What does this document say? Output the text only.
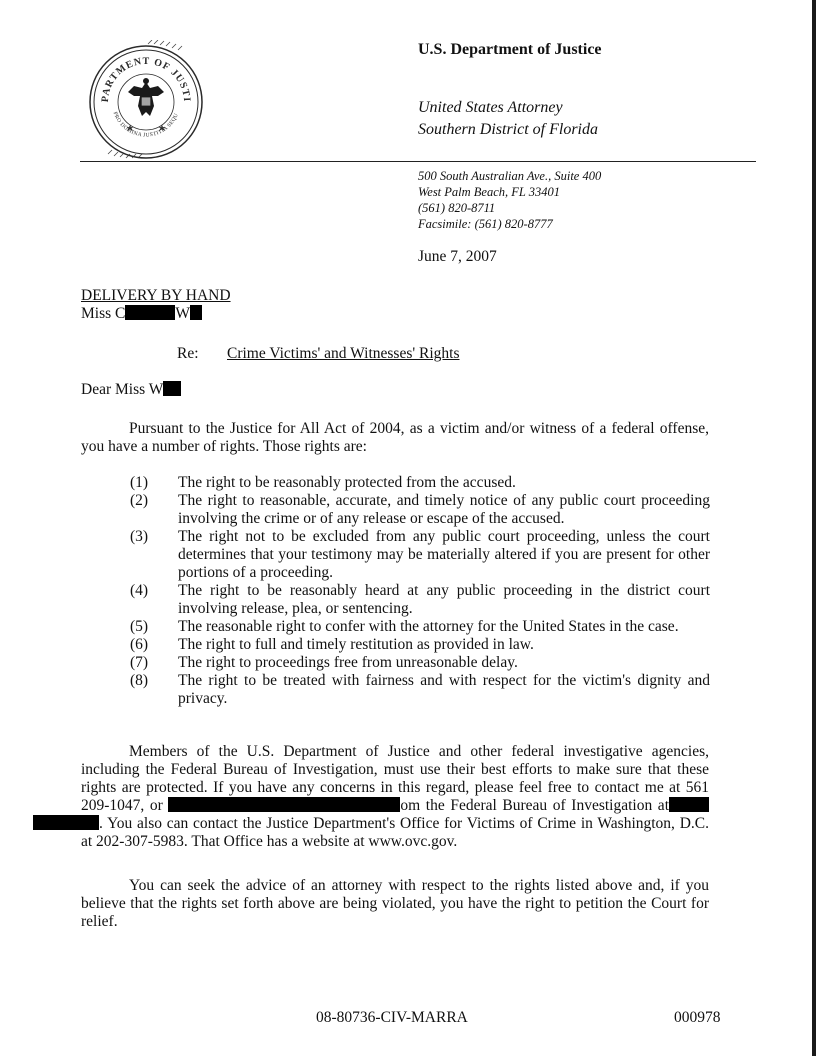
PARTMENT OF JUSTI
PRO DOMINA JUSTITIA SEQU
U.S. Department of Justice
United States Attorney
Southern District of Florida
500 South Australian Ave., Suite 400
West Palm Beach, FL 33401
(561) 820-8711
Facsimile: (561) 820-8777
June 7, 2007
DELIVERY BY HAND
Miss C	W
Re: Crime Victims' and Witnesses' Rights
Dear Miss W

Pursuant to the Justice for All Act of 2004, as a victim and/or witness of a federal offense, you have a number of rights. Those rights are:

(1)	The right to be reasonably protected from the accused.
(2)	The right to reasonable, accurate, and timely notice of any public court proceeding involving the crime or of any release or escape of the accused.
(3)	The right not to be excluded from any public court proceeding, unless the court determines that your testimony may be materially altered if you are present for other portions of a proceeding.
(4)	The right to be reasonably heard at any public proceeding in the district court involving release, plea, or sentencing.
(5)	The reasonable right to confer with the attorney for the United States in the case.
(6)	The right to full and timely restitution as provided in law.
(7)	The right to proceedings free from unreasonable delay.
(8)	The right to be treated with fairness and with respect for the victim's dignity and privacy.

Members of the U.S. Department of Justice and other federal investigative agencies, including the Federal Bureau of Investigation, must use their best efforts to make sure that these rights are protected. If you have any concerns in this regard, please feel free to contact me at 561 209-1047, or	om the Federal Bureau of Investigation at . You also can contact the Justice Department's Office for Victims of Crime in Washington, D.C. at 202-307-5983. That Office has a website at www.ovc.gov.

You can seek the advice of an attorney with respect to the rights listed above and, if you believe that the rights set forth above are being violated, you have the right to petition the Court for relief.

08-80736-CIV-MARRA	000978
